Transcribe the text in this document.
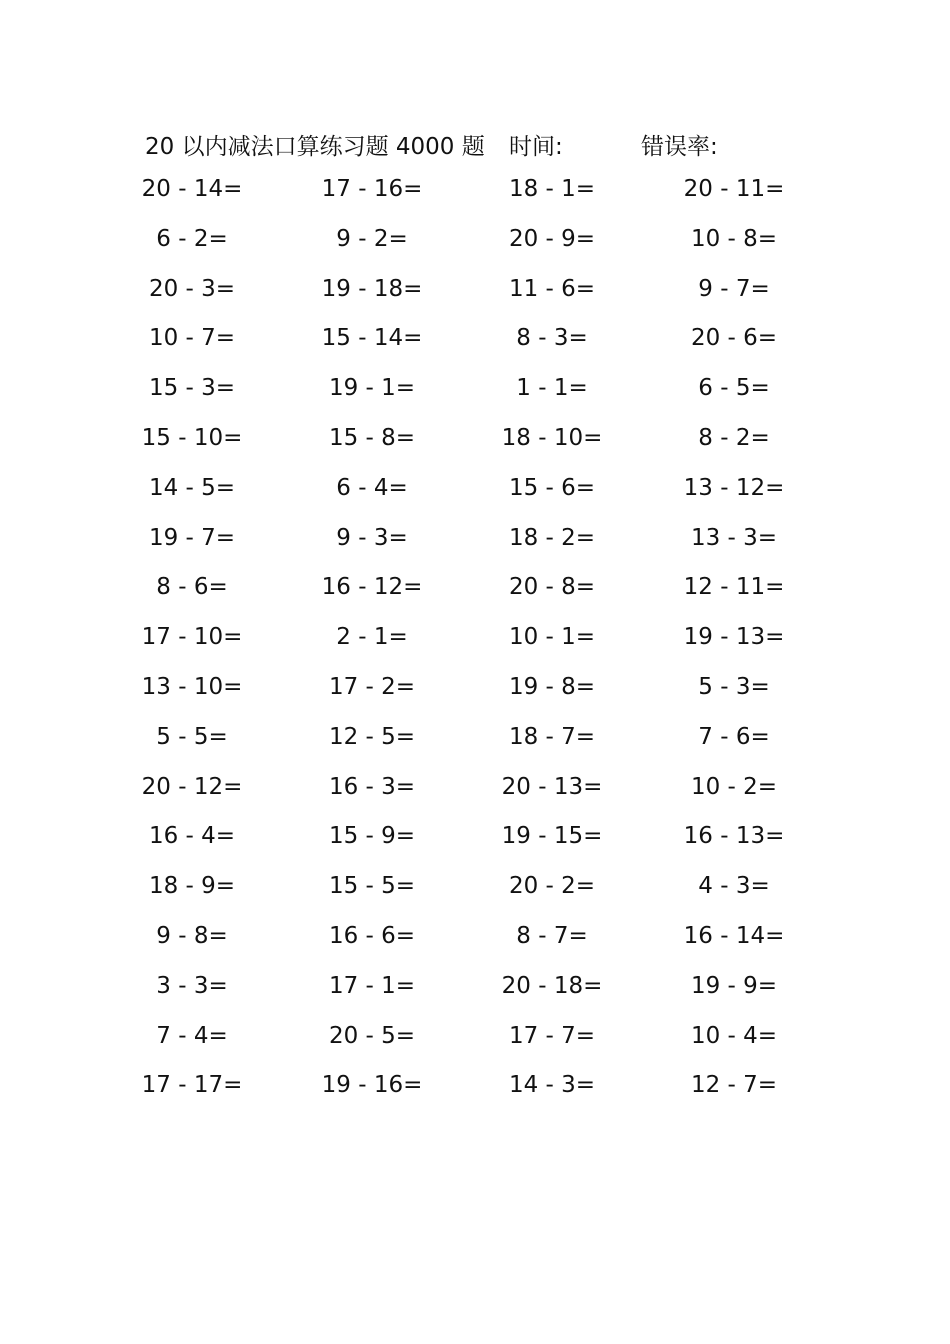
20 以内减法口算练习题 4000 题 时间:	错误率:
20 - 14=	17 - 16=	18 - 1=	20 - 11=
6 - 2=	9 - 2=	20 - 9=	10 - 8=
20 - 3=	19 - 18=	11 - 6=	9 - 7=
10 - 7=	15 - 14=	8 - 3=	20 - 6=
15 - 3=	19 - 1=	1 - 1=	6 - 5=
15 - 10=	15 - 8=	18 - 10=	8 - 2=
14 - 5=	6 - 4=	15 - 6=	13 - 12=
19 - 7=	9 - 3=	18 - 2=	13 - 3=
8 - 6=	16 - 12=	20 - 8=	12 - 11=
17 - 10=	2 - 1=	10 - 1=	19 - 13=
13 - 10=	17 - 2=	19 - 8=	5 - 3=
5 - 5=	12 - 5=	18 - 7=	7 - 6=
20 - 12=	16 - 3=	20 - 13=	10 - 2=
16 - 4=	15 - 9=	19 - 15=	16 - 13=
18 - 9=	15 - 5=	20 - 2=	4 - 3=
9 - 8=	16 - 6=	8 - 7=	16 - 14=
3 - 3=	17 - 1=	20 - 18=	19 - 9=
7 - 4=	20 - 5=	17 - 7=	10 - 4=
17 - 17=	19 - 16=	14 - 3=	12 - 7=
